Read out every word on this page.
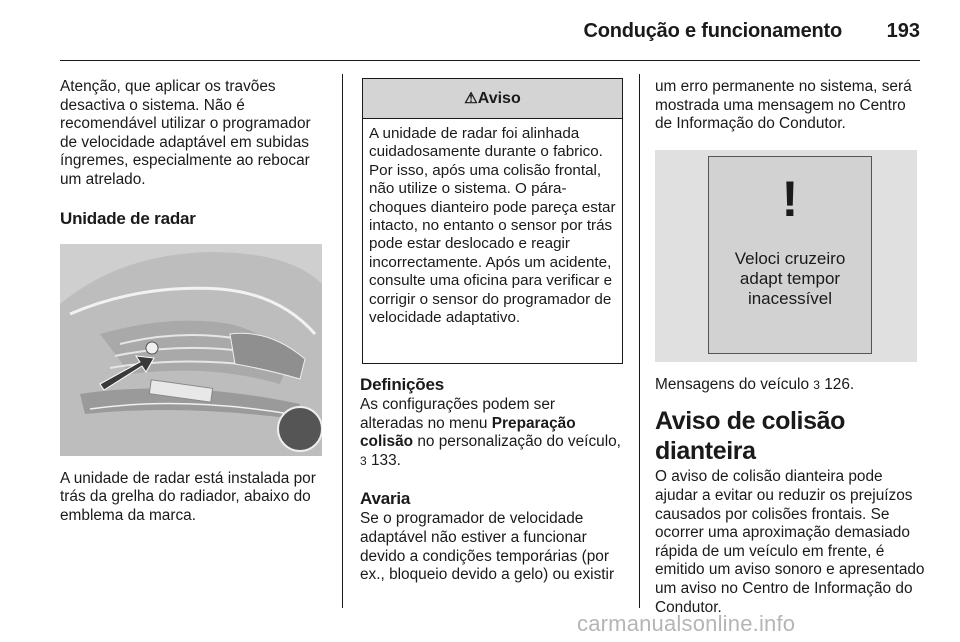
Condução e funcionamento 193

Atenção, que aplicar os travões desactiva o sistema. Não é recomendável utilizar o programador de velocidade adaptável em subidas íngremes, especialmente ao rebocar um atrelado.

Unidade de radar

A unidade de radar está instalada por trás da grelha do radiador, abaixo do emblema da marca.

⚠Aviso
A unidade de radar foi alinhada cuidadosamente durante o fabrico. Por isso, após uma colisão frontal, não utilize o sistema. O pára-choques dianteiro pode pareça estar intacto, no entanto o sensor por trás pode estar deslocado e reagir incorrectamente. Após um acidente, consulte uma oficina para verificar e corrigir o sensor do programador de velocidade adaptativo.
Definições

As configurações podem ser alteradas no menu Preparação colisão no personalização do veículo, 3 133.

Avaria

Se o programador de velocidade adaptável não estiver a funcionar devido a condições temporárias (por ex., bloqueio devido a gelo) ou existir

um erro permanente no sistema, será mostrada uma mensagem no Centro de Informação do Condutor.

!
Veloci cruzeiro
adapt tempor
inacessível

Mensagens do veículo 3 126.

Aviso de colisão dianteira

O aviso de colisão dianteira pode ajudar a evitar ou reduzir os prejuízos causados por colisões frontais. Se ocorrer uma aproximação demasiado rápida de um veículo em frente, é emitido um aviso sonoro e apresentado um aviso no Centro de Informação do Condutor.

carmanualsonline.info
